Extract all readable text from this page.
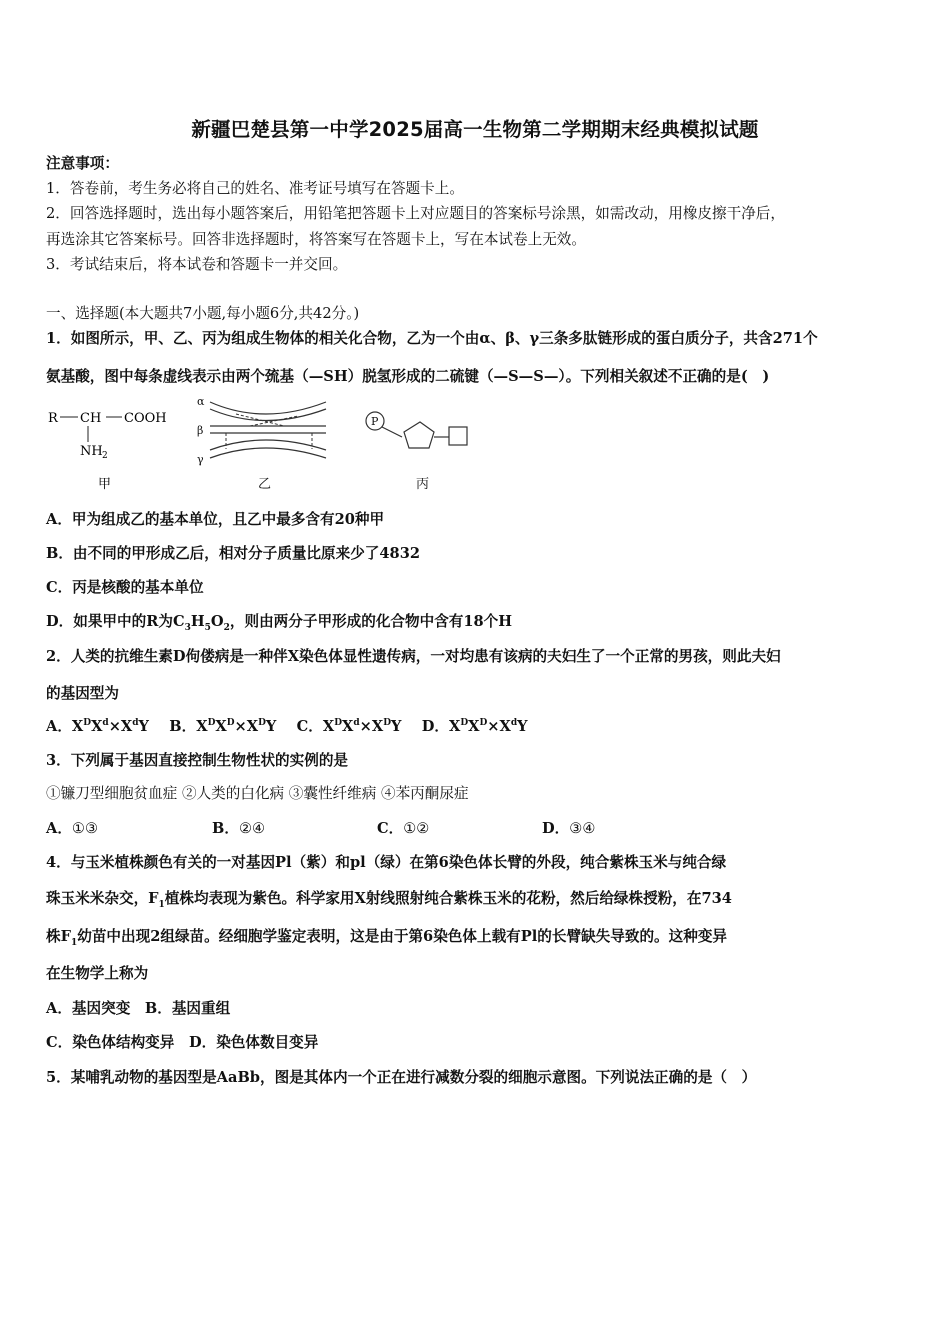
新疆巴楚县第一中学2025届高一生物第二学期期末经典模拟试题
注意事项：
1．答卷前，考生务必将自己的姓名、准考证号填写在答题卡上。
2．回答选择题时，选出每小题答案后，用铅笔把答题卡上对应题目的答案标号涂黑，如需改动，用橡皮擦干净后，
再选涂其它答案标号。回答非选择题时，将答案写在答题卡上，写在本试卷上无效。
3．考试结束后，将本试卷和答题卡一并交回。
一、选择题(本大题共7小题,每小题6分,共42分。)
1．如图所示，甲、乙、丙为组成生物体的相关化合物，乙为一个由α、β、γ三条多肽链形成的蛋白质分子，共含271个
氨基酸，图中每条虚线表示由两个巯基（—SH）脱氢形成的二硫键（—S—S—）。下列相关叙述不正确的是(　)
R CH COOH
NH 2
α
β
γ
乙
P
丙
甲
A．甲为组成乙的基本单位，且乙中最多含有20种甲
B．由不同的甲形成乙后，相对分子质量比原来少了4832
C．丙是核酸的基本单位
D．如果甲中的R为$C_3H_5O_2$，则由两分子甲形成的化合物中含有18个H
2．人类的抗维生素D佝偻病是一种伴X染色体显性遗传病，一对均患有该病的夫妇生了一个正常的男孩，则此夫妇
的基因型为
A．$X^DX^d\times X^dY$ B．$X^DX^D\times X^DY$ C．$X^DX^d\times X^DY$ D．$X^DX^D\times X^dY$
3．下列属于基因直接控制生物性状的实例的是
①镰刀型细胞贫血症 ②人类的白化病 ③囊性纤维病 ④苯丙酮尿症
A．①③	B．②④	C．①②	D．③④
4．与玉米植株颜色有关的一对基因Pl（紫）和pl（绿）在第6染色体长臂的外段，纯合紫株玉米与纯合绿
珠玉米米杂交，$F_1$植株均表现为紫色。科学家用X射线照射纯合紫株玉米的花粉，然后给绿株授粉，在734
株$F_1$幼苗中出现2组绿苗。经细胞学鉴定表明，这是由于第6染色体上载有Pl的长臂缺失导致的。这种变异
在生物学上称为
A．基因突变　B．基因重组
C．染色体结构变异　D．染色体数目变异
5．某哺乳动物的基因型是AaBb，图是其体内一个正在进行减数分裂的细胞示意图。下列说法正确的是（　）
